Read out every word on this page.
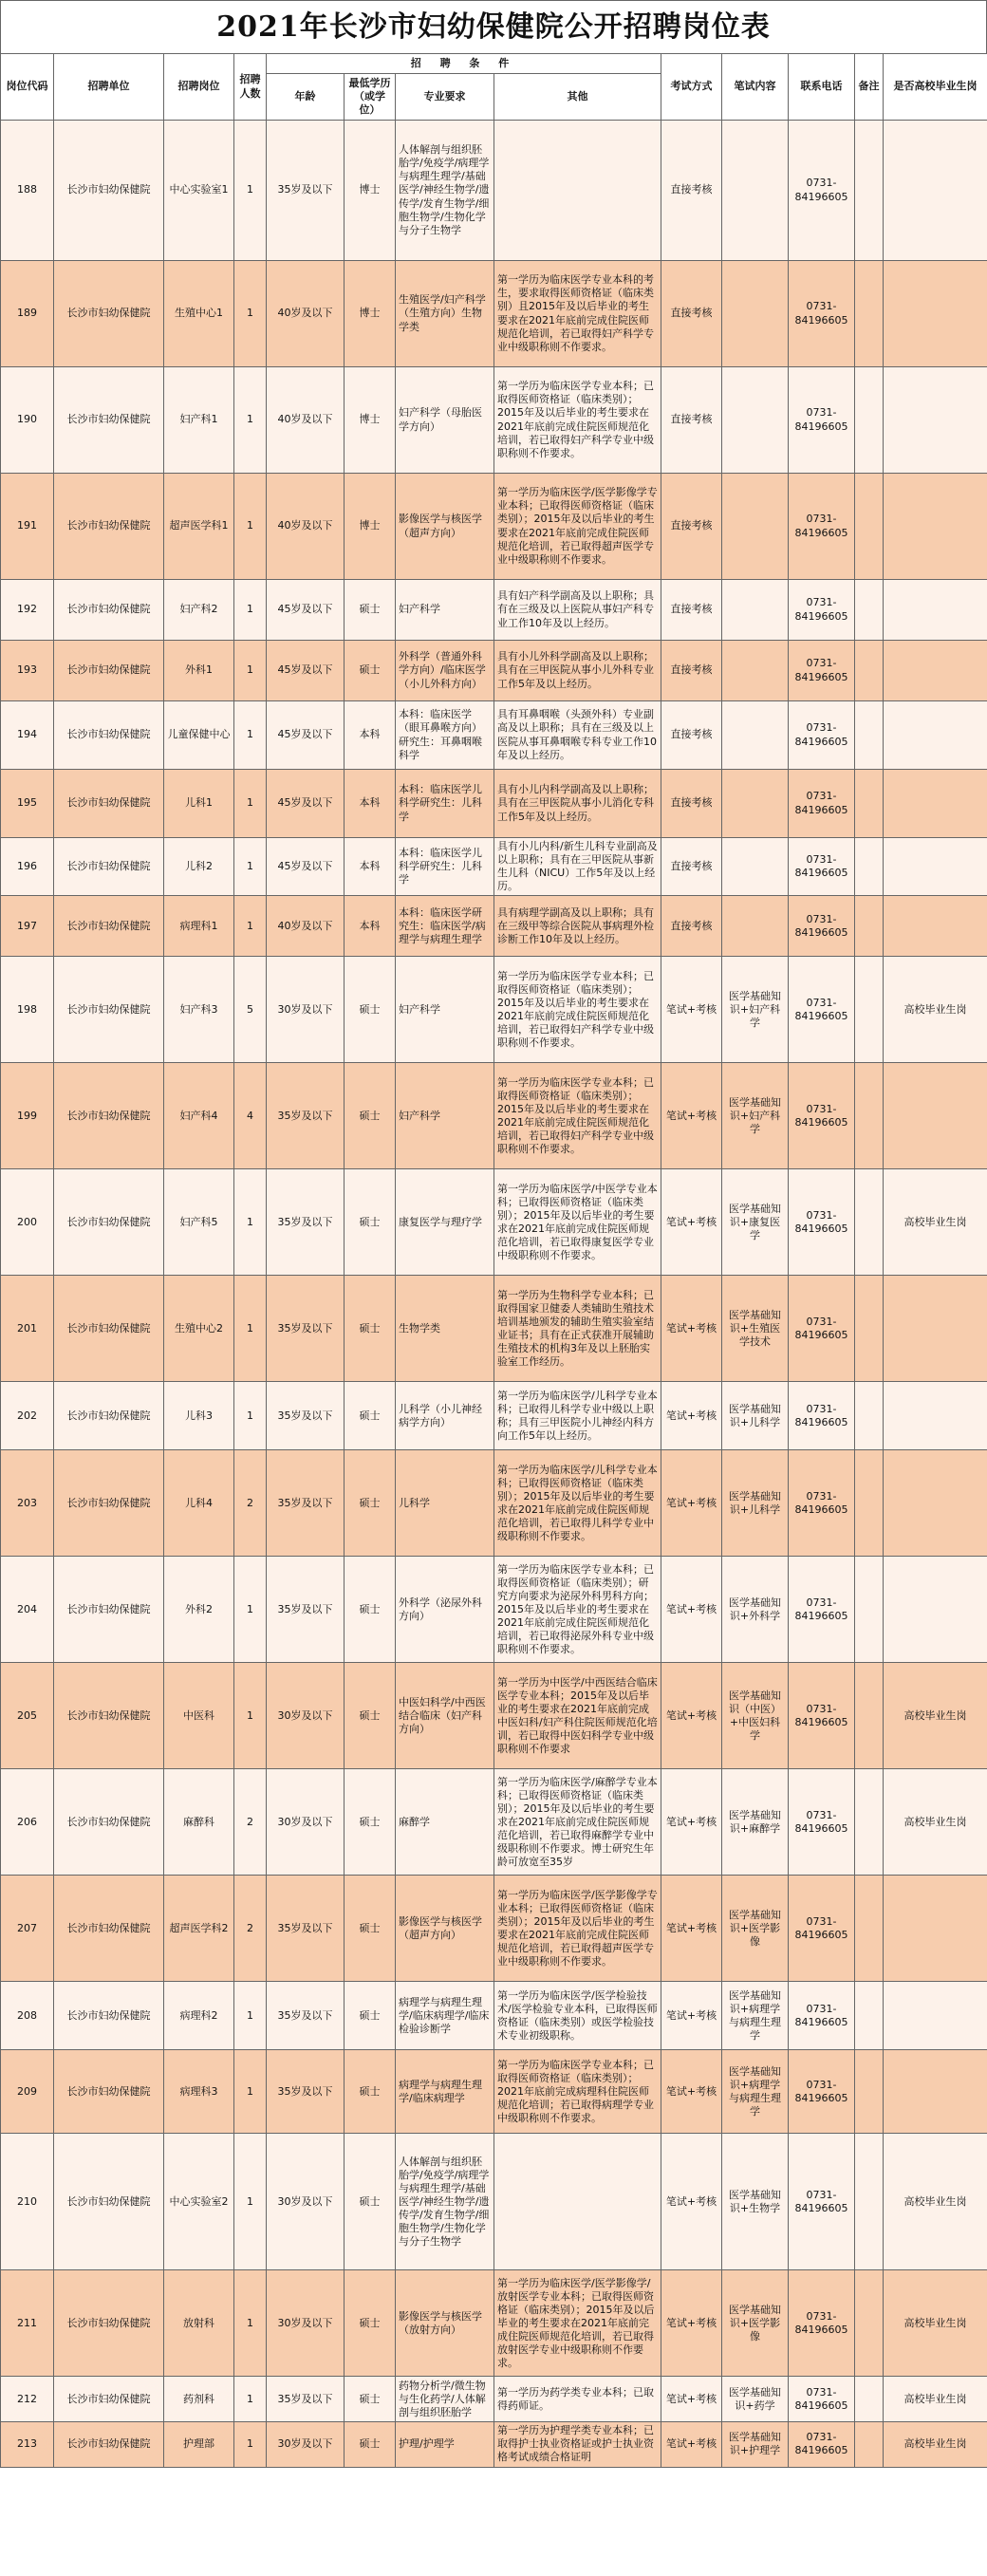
2021年长沙市妇幼保健院公开招聘岗位表
岗位代码	招聘单位	招聘岗位	招聘人数	招 聘 条 件				考试方式	笔试内容	联系电话	备注	是否高校毕业生岗
				年龄	最低学历（或学位）	专业要求	其他					
188	长沙市妇幼保健院	中心实验室1	1	35岁及以下	博士	人体解剖与组织胚胎学/免疫学/病理学与病理生理学/基础医学/神经生物学/遗传学/发育生物学/细胞生物学/生物化学与分子生物学		直接考核		0731-84196605		
189	长沙市妇幼保健院	生殖中心1	1	40岁及以下	博士	生殖医学/妇产科学（生殖方向）生物学类	第一学历为临床医学专业本科的考生，要求取得医师资格证（临床类别）且2015年及以后毕业的考生要求在2021年底前完成住院医师规范化培训，若已取得妇产科学专业中级职称则不作要求。	直接考核		0731-84196605		
190	长沙市妇幼保健院	妇产科1	1	40岁及以下	博士	妇产科学（母胎医学方向）	第一学历为临床医学专业本科；已取得医师资格证（临床类别）；2015年及以后毕业的考生要求在2021年底前完成住院医师规范化培训，若已取得妇产科学专业中级职称则不作要求。	直接考核		0731-84196605		
191	长沙市妇幼保健院	超声医学科1	1	40岁及以下	博士	影像医学与核医学（超声方向）	第一学历为临床医学/医学影像学专业本科；已取得医师资格证（临床类别）；2015年及以后毕业的考生要求在2021年底前完成住院医师规范化培训，若已取得超声医学专业中级职称则不作要求。	直接考核		0731-84196605		
192	长沙市妇幼保健院	妇产科2	1	45岁及以下	硕士	妇产科学	具有妇产科学副高及以上职称；具有在三级及以上医院从事妇产科专业工作10年及以上经历。	直接考核		0731-84196605		
193	长沙市妇幼保健院	外科1	1	45岁及以下	硕士	外科学（普通外科学方向）/临床医学（小儿外科方向）	具有小儿外科学副高及以上职称；具有在三甲医院从事小儿外科专业工作5年及以上经历。	直接考核		0731-84196605		
194	长沙市妇幼保健院	儿童保健中心	1	45岁及以下	本科	本科：临床医学（眼耳鼻喉方向）研究生：耳鼻咽喉科学	具有耳鼻咽喉（头颈外科）专业副高及以上职称；具有在三级及以上医院从事耳鼻咽喉专科专业工作10年及以上经历。	直接考核		0731-84196605		
195	长沙市妇幼保健院	儿科1	1	45岁及以下	本科	本科：临床医学儿科学研究生：儿科学	具有小儿内科学副高及以上职称；具有在三甲医院从事小儿消化专科工作5年及以上经历。	直接考核		0731-84196605		
196	长沙市妇幼保健院	儿科2	1	45岁及以下	本科	本科：临床医学儿科学研究生：儿科学	具有小儿内科/新生儿科专业副高及以上职称；具有在三甲医院从事新生儿科（NICU）工作5年及以上经历。	直接考核		0731-84196605		
197	长沙市妇幼保健院	病理科1	1	40岁及以下	本科	本科：临床医学研究生：临床医学/病理学与病理生理学	具有病理学副高及以上职称；具有在三级甲等综合医院从事病理外检诊断工作10年及以上经历。	直接考核		0731-84196605		
198	长沙市妇幼保健院	妇产科3	5	30岁及以下	硕士	妇产科学	第一学历为临床医学专业本科；已取得医师资格证（临床类别）；2015年及以后毕业的考生要求在2021年底前完成住院医师规范化培训，若已取得妇产科学专业中级职称则不作要求。	笔试+考核	医学基础知识+妇产科学	0731-84196605		高校毕业生岗
199	长沙市妇幼保健院	妇产科4	4	35岁及以下	硕士	妇产科学	第一学历为临床医学专业本科；已取得医师资格证（临床类别）；2015年及以后毕业的考生要求在2021年底前完成住院医师规范化培训，若已取得妇产科学专业中级职称则不作要求。	笔试+考核	医学基础知识+妇产科学	0731-84196605		
200	长沙市妇幼保健院	妇产科5	1	35岁及以下	硕士	康复医学与理疗学	第一学历为临床医学/中医学专业本科；已取得医师资格证（临床类别）；2015年及以后毕业的考生要求在2021年底前完成住院医师规范化培训，若已取得康复医学专业中级职称则不作要求。	笔试+考核	医学基础知识+康复医学	0731-84196605		高校毕业生岗
201	长沙市妇幼保健院	生殖中心2	1	35岁及以下	硕士	生物学类	第一学历为生物科学专业本科；已取得国家卫健委人类辅助生殖技术培训基地颁发的辅助生殖实验室结业证书；具有在正式获准开展辅助生殖技术的机构3年及以上胚胎实验室工作经历。	笔试+考核	医学基础知识+生殖医学技术	0731-84196605		
202	长沙市妇幼保健院	儿科3	1	35岁及以下	硕士	儿科学（小儿神经病学方向）	第一学历为临床医学/儿科学专业本科；已取得儿科学专业中级以上职称；具有三甲医院小儿神经内科方向工作5年以上经历。	笔试+考核	医学基础知识+儿科学	0731-84196605		
203	长沙市妇幼保健院	儿科4	2	35岁及以下	硕士	儿科学	第一学历为临床医学/儿科学专业本科；已取得医师资格证（临床类别）；2015年及以后毕业的考生要求在2021年底前完成住院医师规范化培训，若已取得儿科学专业中级职称则不作要求。	笔试+考核	医学基础知识+儿科学	0731-84196605		
204	长沙市妇幼保健院	外科2	1	35岁及以下	硕士	外科学（泌尿外科方向）	第一学历为临床医学专业本科；已取得医师资格证（临床类别）；研究方向要求为泌尿外科男科方向；2015年及以后毕业的考生要求在2021年底前完成住院医师规范化培训，若已取得泌尿外科专业中级职称则不作要求。	笔试+考核	医学基础知识+外科学	0731-84196605		
205	长沙市妇幼保健院	中医科	1	30岁及以下	硕士	中医妇科学/中西医结合临床（妇产科方向）	第一学历为中医学/中西医结合临床医学专业本科；2015年及以后毕业的考生要求在2021年底前完成中医妇科/妇产科住院医师规范化培训，若已取得中医妇科学专业中级职称则不作要求	笔试+考核	医学基础知识（中医）+中医妇科学	0731-84196605		高校毕业生岗
206	长沙市妇幼保健院	麻醉科	2	30岁及以下	硕士	麻醉学	第一学历为临床医学/麻醉学专业本科；已取得医师资格证（临床类别）；2015年及以后毕业的考生要求在2021年底前完成住院医师规范化培训，若已取得麻醉学专业中级职称则不作要求。博士研究生年龄可放宽至35岁	笔试+考核	医学基础知识+麻醉学	0731-84196605		高校毕业生岗
207	长沙市妇幼保健院	超声医学科2	2	35岁及以下	硕士	影像医学与核医学（超声方向）	第一学历为临床医学/医学影像学专业本科；已取得医师资格证（临床类别）；2015年及以后毕业的考生要求在2021年底前完成住院医师规范化培训，若已取得超声医学专业中级职称则不作要求。	笔试+考核	医学基础知识+医学影像	0731-84196605		
208	长沙市妇幼保健院	病理科2	1	35岁及以下	硕士	病理学与病理生理学/临床病理学/临床检验诊断学	第一学历为临床医学/医学检验技术/医学检验专业本科，已取得医师资格证（临床类别）或医学检验技术专业初级职称。	笔试+考核	医学基础知识+病理学与病理生理学	0731-84196605		
209	长沙市妇幼保健院	病理科3	1	35岁及以下	硕士	病理学与病理生理学/临床病理学	第一学历为临床医学专业本科；已取得医师资格证（临床类别）；2021年底前完成病理科住院医师规范化培训；若已取得病理学专业中级职称则不作要求。	笔试+考核	医学基础知识+病理学与病理生理学	0731-84196605		
210	长沙市妇幼保健院	中心实验室2	1	30岁及以下	硕士	人体解剖与组织胚胎学/免疫学/病理学与病理生理学/基础医学/神经生物学/遗传学/发育生物学/细胞生物学/生物化学与分子生物学		笔试+考核	医学基础知识+生物学	0731-84196605		高校毕业生岗
211	长沙市妇幼保健院	放射科	1	30岁及以下	硕士	影像医学与核医学（放射方向）	第一学历为临床医学/医学影像学/放射医学专业本科；已取得医师资格证（临床类别）；2015年及以后毕业的考生要求在2021年底前完成住院医师规范化培训，若已取得放射医学专业中级职称则不作要求。	笔试+考核	医学基础知识+医学影像	0731-84196605		高校毕业生岗
212	长沙市妇幼保健院	药剂科	1	35岁及以下	硕士	药物分析学/微生物与生化药学/人体解剖与组织胚胎学	第一学历为药学类专业本科；已取得药师证。	笔试+考核	医学基础知识+药学	0731-84196605		高校毕业生岗
213	长沙市妇幼保健院	护理部	1	30岁及以下	硕士	护理/护理学	第一学历为护理学类专业本科；已取得护士执业资格证或护士执业资格考试成绩合格证明	笔试+考核	医学基础知识+护理学	0731-84196605		高校毕业生岗
